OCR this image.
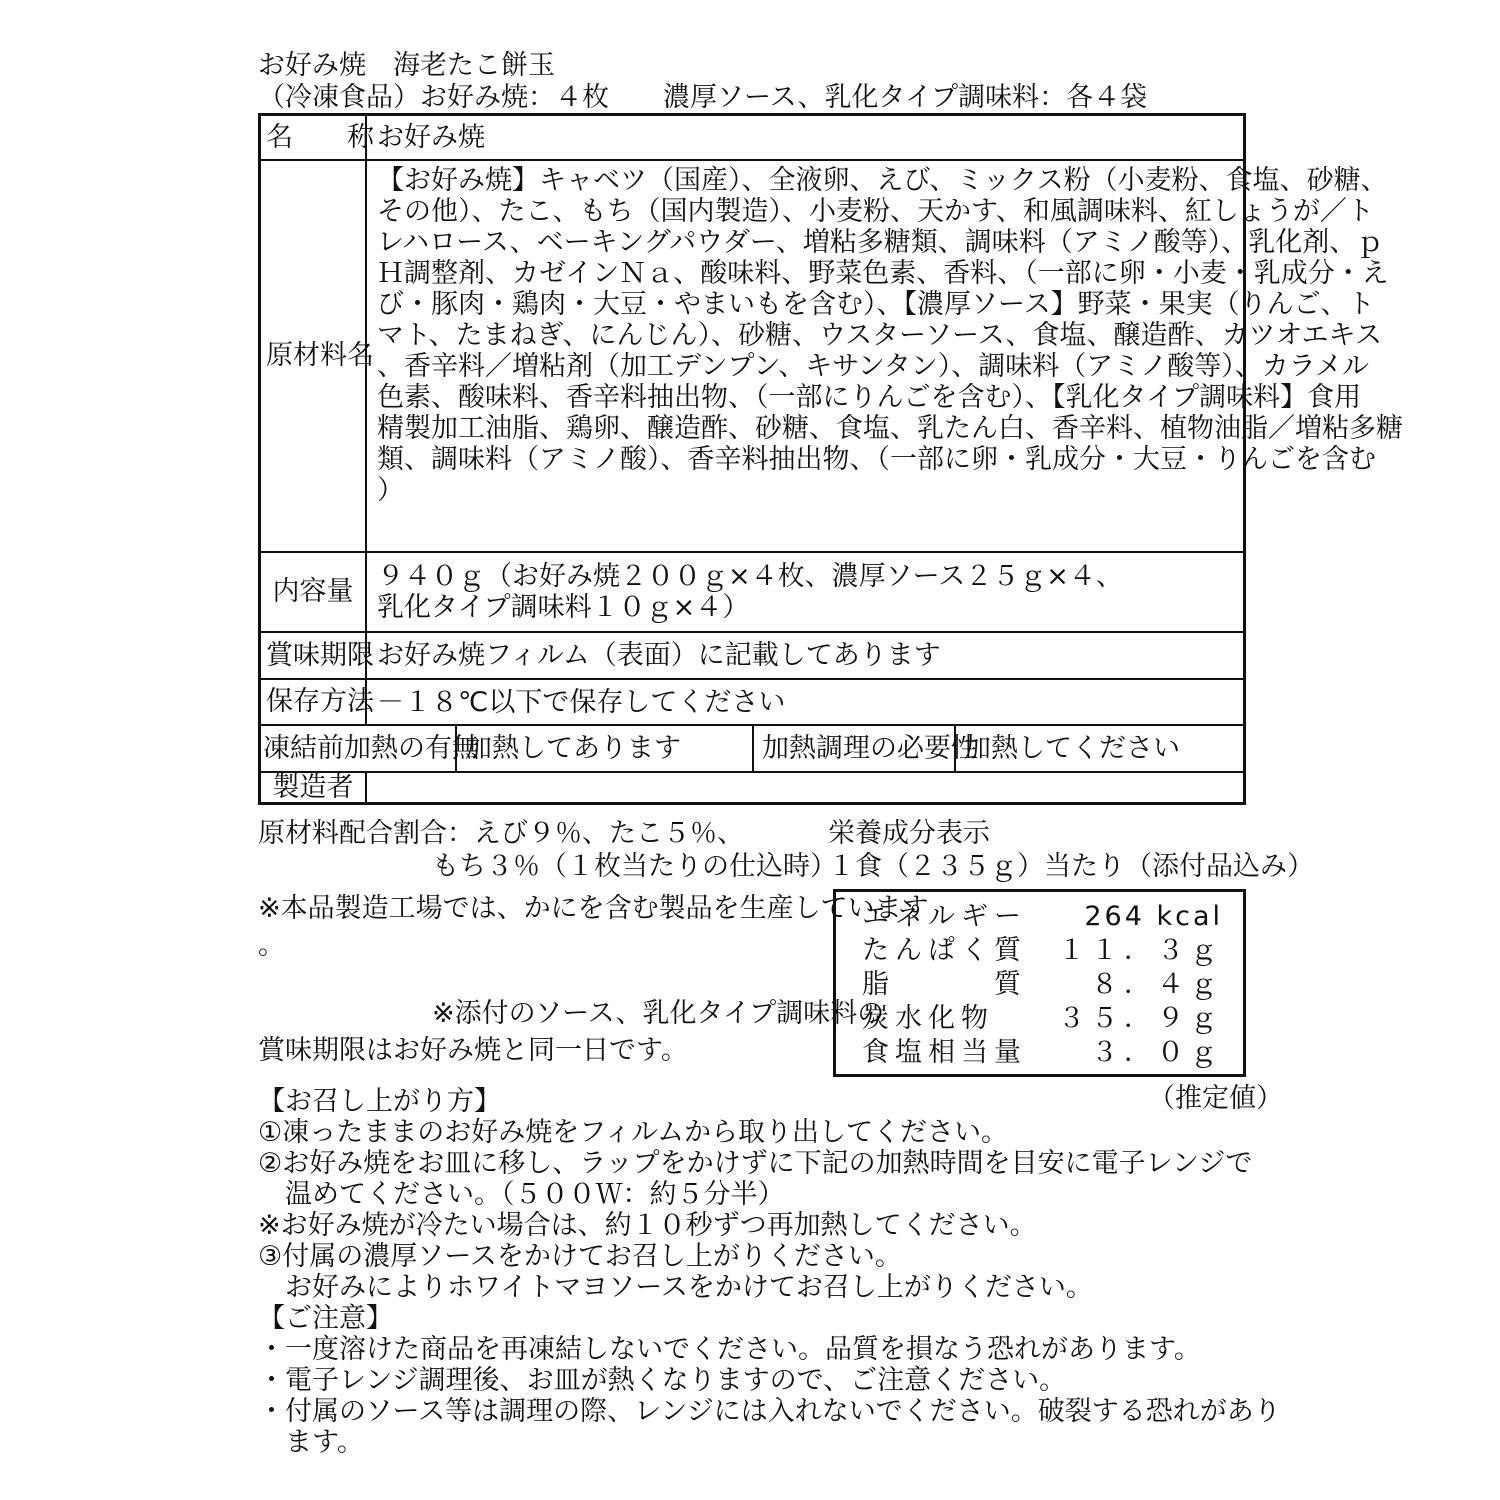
お好み焼　海老たこ餅玉
（冷凍食品）お好み焼：４枚　　濃厚ソース、乳化タイプ調味料：各４袋
名　　称 お好み焼
原材料名
【お好み焼】キャベツ（国産）、全液卵、えび、ミックス粉（小麦粉、食塩、砂糖、
その他）、たこ、もち（国内製造）、小麦粉、天かす、和風調味料、紅しょうが／ト
レハロース、ベーキングパウダー、増粘多糖類、調味料（アミノ酸等）、乳化剤、ｐ
Ｈ調整剤、カゼインＮａ、酸味料、野菜色素、香料、（一部に卵・小麦・乳成分・え
び・豚肉・鶏肉・大豆・やまいもを含む）、【濃厚ソース】野菜・果実（りんご、ト
マト、たまねぎ、にんじん）、砂糖、ウスターソース、食塩、醸造酢、カツオエキス
、香辛料／増粘剤（加工デンプン、キサンタン）、調味料（アミノ酸等）、カラメル
色素、酸味料、香辛料抽出物、（一部にりんごを含む）、【乳化タイプ調味料】食用
精製加工油脂、鶏卵、醸造酢、砂糖、食塩、乳たん白、香辛料、植物油脂／増粘多糖
類、調味料（アミノ酸）、香辛料抽出物、（一部に卵・乳成分・大豆・りんごを含む
）
内容量 ９４０ｇ（お好み焼２００ｇ×４枚、濃厚ソース２５ｇ×４、
乳化タイプ調味料１０ｇ×４）
賞味期限 お好み焼フィルム（表面）に記載してあります
保存方法 －１８℃以下で保存してください
凍結前加熱の有無
加熱してあります	加熱調理の必要性
加熱してください
製造者
原材料配合割合：えび９％、たこ５％、
もち３％（１枚当たりの仕込時）
栄養成分表示
１食（２３５ｇ）当たり（添付品込み）
※本品製造工場では、かにを含む製品を生産しています
。
※添付のソース、乳化タイプ調味料の
賞味期限はお好み焼と同一日です。
エネルギー 264 kcal
たんぱく質 １１．３ｇ
脂　　　質 ８．４ｇ
炭水化物 ３５．９ｇ
食塩相当量 ３．０ｇ
（推定値）
【お召し上がり方】
①凍ったままのお好み焼をフィルムから取り出してください。
②お好み焼をお皿に移し、ラップをかけずに下記の加熱時間を目安に電子レンジで
　温めてください。（５００Ｗ：約５分半）
※お好み焼が冷たい場合は、約１０秒ずつ再加熱してください。
③付属の濃厚ソースをかけてお召し上がりください。
　お好みによりホワイトマヨソースをかけてお召し上がりください。
【ご注意】
・一度溶けた商品を再凍結しないでください。品質を損なう恐れがあります。
・電子レンジ調理後、お皿が熱くなりますので、ご注意ください。
・付属のソース等は調理の際、レンジには入れないでください。破裂する恐れがあり
　ます。
